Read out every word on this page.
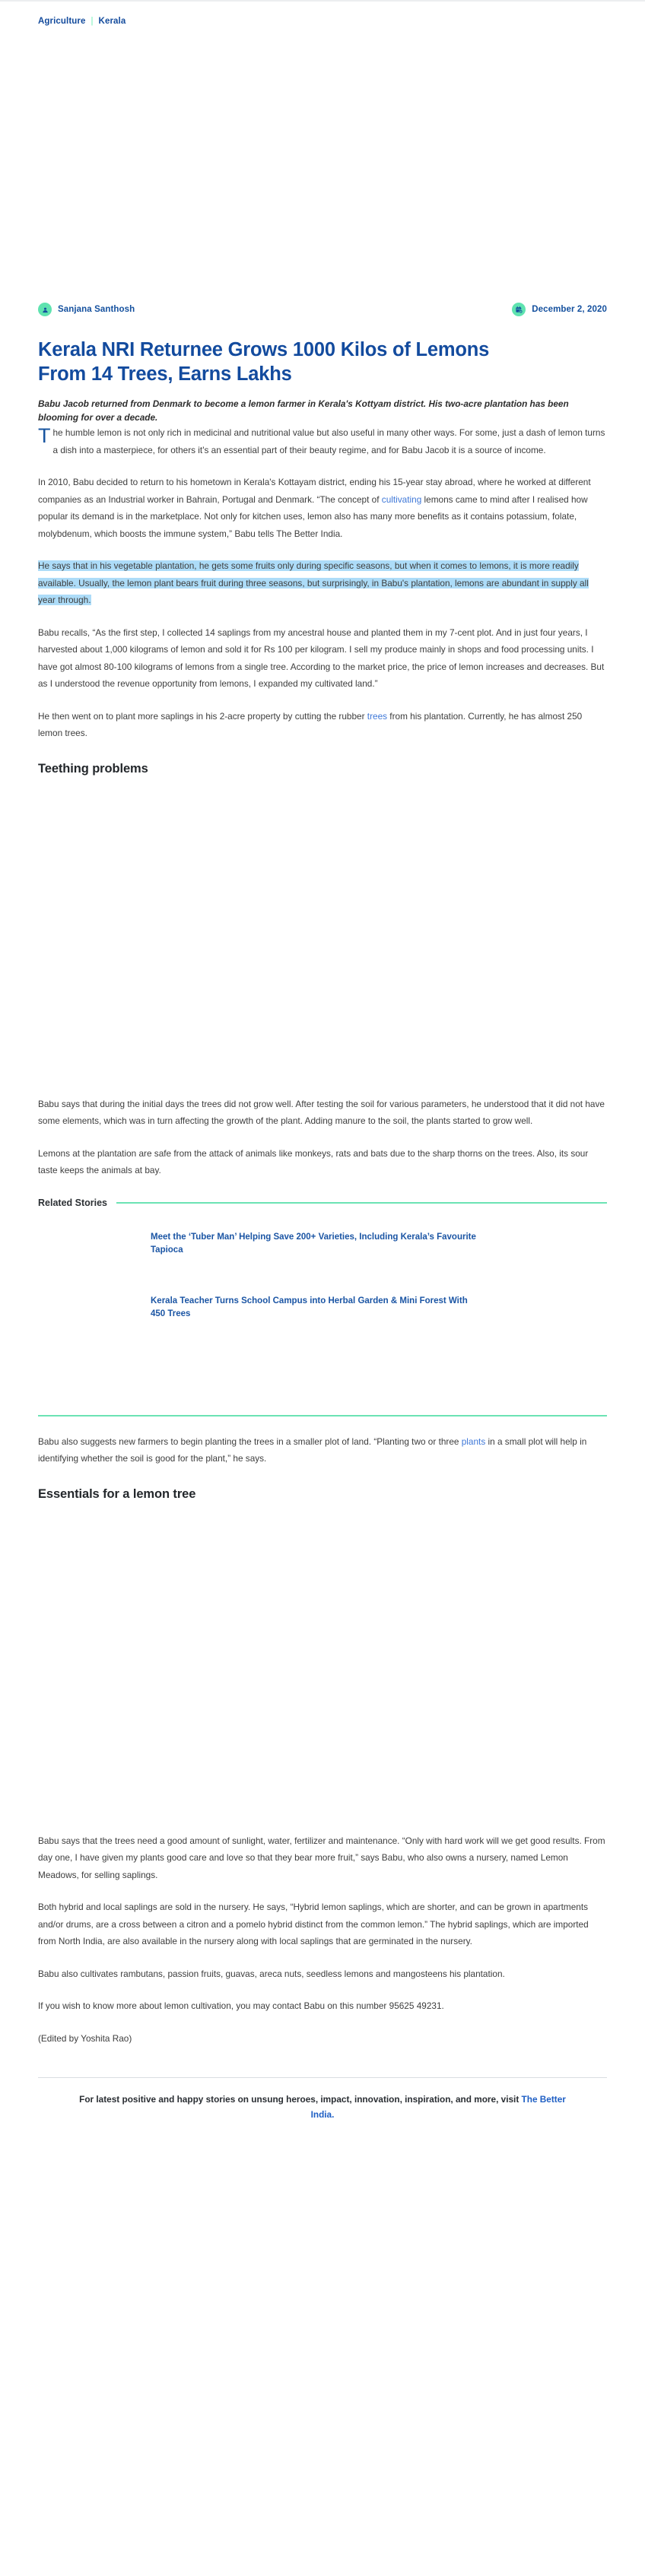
Agriculture | Kerala
Sanjana Santhosh	December 2, 2020
Kerala NRI Returnee Grows 1000 Kilos of Lemons From 14 Trees, Earns Lakhs

Babu Jacob returned from Denmark to become a lemon farmer in Kerala's Kottyam district. His two-acre plantation has been blooming for over a decade.

The humble lemon is not only rich in medicinal and nutritional value but also useful in many other ways. For some, just a dash of lemon turns a dish into a masterpiece, for others it's an essential part of their beauty regime, and for Babu Jacob it is a source of income.

In 2010, Babu decided to return to his hometown in Kerala's Kottayam district, ending his 15-year stay abroad, where he worked at different companies as an Industrial worker in Bahrain, Portugal and Denmark. “The concept of cultivating lemons came to mind after I realised how popular its demand is in the marketplace. Not only for kitchen uses, lemon also has many more benefits as it contains potassium, folate, molybdenum, which boosts the immune system,” Babu tells The Better India.

He says that in his vegetable plantation, he gets some fruits only during specific seasons, but when it comes to lemons, it is more readily available. Usually, the lemon plant bears fruit during three seasons, but surprisingly, in Babu's plantation, lemons are abundant in supply all year through.

Babu recalls, “As the first step, I collected 14 saplings from my ancestral house and planted them in my 7-cent plot. And in just four years, I harvested about 1,000 kilograms of lemon and sold it for Rs 100 per kilogram. I sell my produce mainly in shops and food processing units. I have got almost 80-100 kilograms of lemons from a single tree. According to the market price, the price of lemon increases and decreases. But as I understood the revenue opportunity from lemons, I expanded my cultivated land.”

He then went on to plant more saplings in his 2-acre property by cutting the rubber trees from his plantation. Currently, he has almost 250 lemon trees.

Teething problems

Babu says that during the initial days the trees did not grow well. After testing the soil for various parameters, he understood that it did not have some elements, which was in turn affecting the growth of the plant. Adding manure to the soil, the plants started to grow well.

Lemons at the plantation are safe from the attack of animals like monkeys, rats and bats due to the sharp thorns on the trees. Also, its sour taste keeps the animals at bay.

Related Stories
Meet the ‘Tuber Man’ Helping Save 200+ Varieties, Including Kerala’s Favourite Tapioca
Kerala Teacher Turns School Campus into Herbal Garden & Mini Forest With 450 Trees

Babu also suggests new farmers to begin planting the trees in a smaller plot of land. “Planting two or three plants in a small plot will help in identifying whether the soil is good for the plant,” he says.

Essentials for a lemon tree

Babu says that the trees need a good amount of sunlight, water, fertilizer and maintenance. “Only with hard work will we get good results. From day one, I have given my plants good care and love so that they bear more fruit,” says Babu, who also owns a nursery, named Lemon Meadows, for selling saplings.

Both hybrid and local saplings are sold in the nursery. He says, “Hybrid lemon saplings, which are shorter, and can be grown in apartments and/or drums, are a cross between a citron and a pomelo hybrid distinct from the common lemon.” The hybrid saplings, which are imported from North India, are also available in the nursery along with local saplings that are germinated in the nursery.

Babu also cultivates rambutans, passion fruits, guavas, areca nuts, seedless lemons and mangosteens his plantation.

If you wish to know more about lemon cultivation, you may contact Babu on this number 95625 49231.

(Edited by Yoshita Rao)

For latest positive and happy stories on unsung heroes, impact, innovation, inspiration, and more, visit The Better India.
